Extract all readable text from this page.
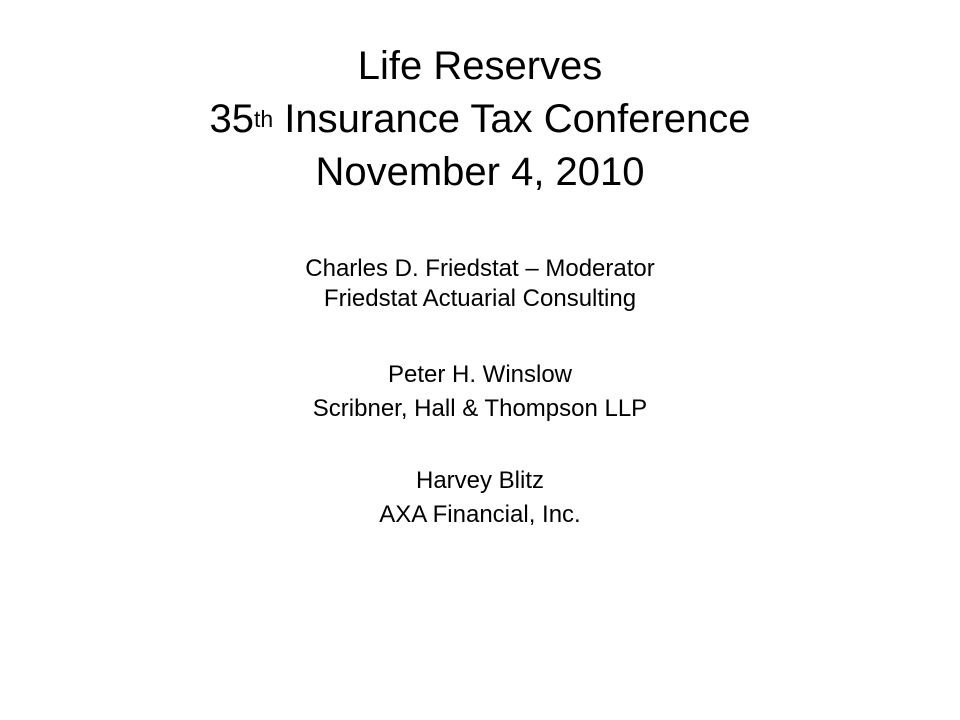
Life Reserves
35th Insurance Tax Conference
November 4, 2010
Charles D. Friedstat – Moderator
Friedstat Actuarial Consulting
Peter H. Winslow
Scribner, Hall & Thompson LLP
Harvey Blitz
AXA Financial, Inc.
